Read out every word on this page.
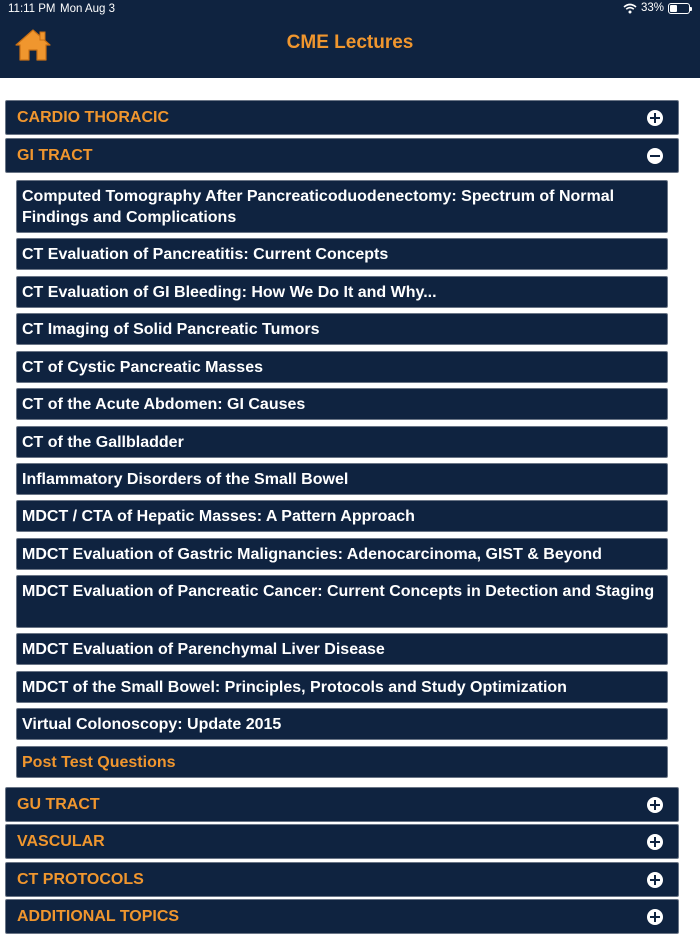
11:11 PM Mon Aug 3	33%
CME Lectures
CARDIO THORACIC
GI TRACT
Computed Tomography After Pancreaticoduodenectomy: Spectrum of Normal Findings and Complications
CT Evaluation of Pancreatitis: Current Concepts
CT Evaluation of GI Bleeding: How We Do It and Why...
CT Imaging of Solid Pancreatic Tumors
CT of Cystic Pancreatic Masses
CT of the Acute Abdomen: GI Causes
CT of the Gallbladder
Inflammatory Disorders of the Small Bowel
MDCT / CTA of Hepatic Masses: A Pattern Approach
MDCT Evaluation of Gastric Malignancies: Adenocarcinoma, GIST & Beyond
MDCT Evaluation of Pancreatic Cancer: Current Concepts in Detection and Staging
MDCT Evaluation of Parenchymal Liver Disease
MDCT of the Small Bowel: Principles, Protocols and Study Optimization
Virtual Colonoscopy: Update 2015
Post Test Questions
GU TRACT
VASCULAR
CT PROTOCOLS
ADDITIONAL TOPICS
